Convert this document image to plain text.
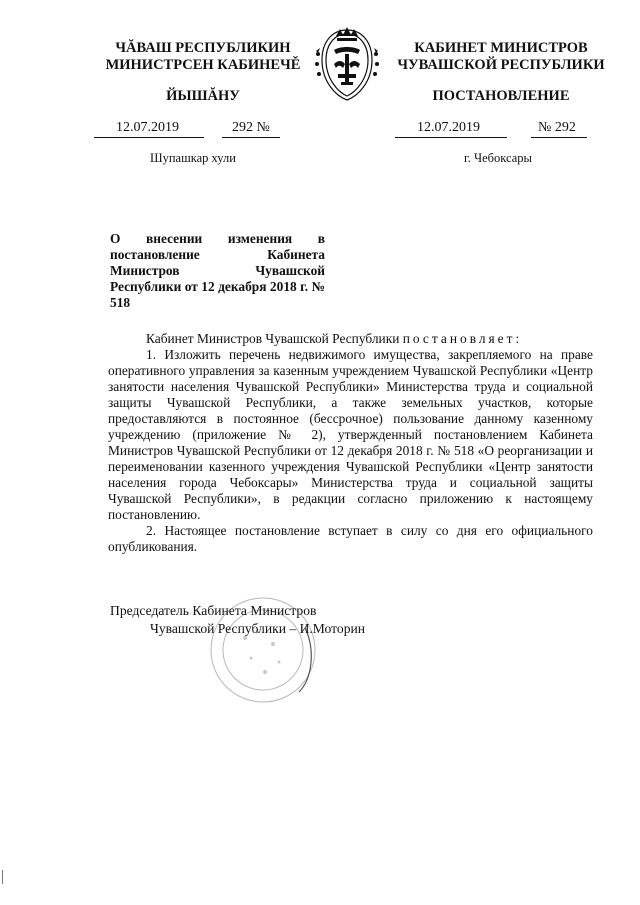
ЧĂВАШ РЕСПУБЛИКИН
МИНИСТРСЕН КАБИНЕЧĚ
ЙЫШĂНУ
КАБИНЕТ МИНИСТРОВ
ЧУВАШСКОЙ РЕСПУБЛИКИ
ПОСТАНОВЛЕНИЕ
12.07.2019	292 №
Шупашкар хули
12.07.2019	№ 292
г. Чебоксары
О внесении изменения в постановление Кабинета Министров Чувашской Республики от 12 декабря 2018 г. № 518

Кабинет Министров Чувашской Республики постановляет:

1. Изложить перечень недвижимого имущества, закрепляемого на праве оперативного управления за казенным учреждением Чувашской Республики «Центр занятости населения Чувашской Республики» Министерства труда и социальной защиты Чувашской Республики, а также земельных участков, которые предоставляются в постоянное (бессрочное) пользование данному казенному учреждению (приложение № 2), утвержденный постановлением Кабинета Министров Чувашской Республики от 12 декабря 2018 г. № 518 «О реорганизации и переименовании казенного учреждения Чувашской Республики «Центр занятости населения города Чебоксары» Министерства труда и социальной защиты Чувашской Республики», в редакции согласно приложению к настоящему постановлению.

2. Настоящее постановление вступает в силу со дня его официального опубликования.

Председатель Кабинета Министров
Чувашской Республики – И.Моторин
